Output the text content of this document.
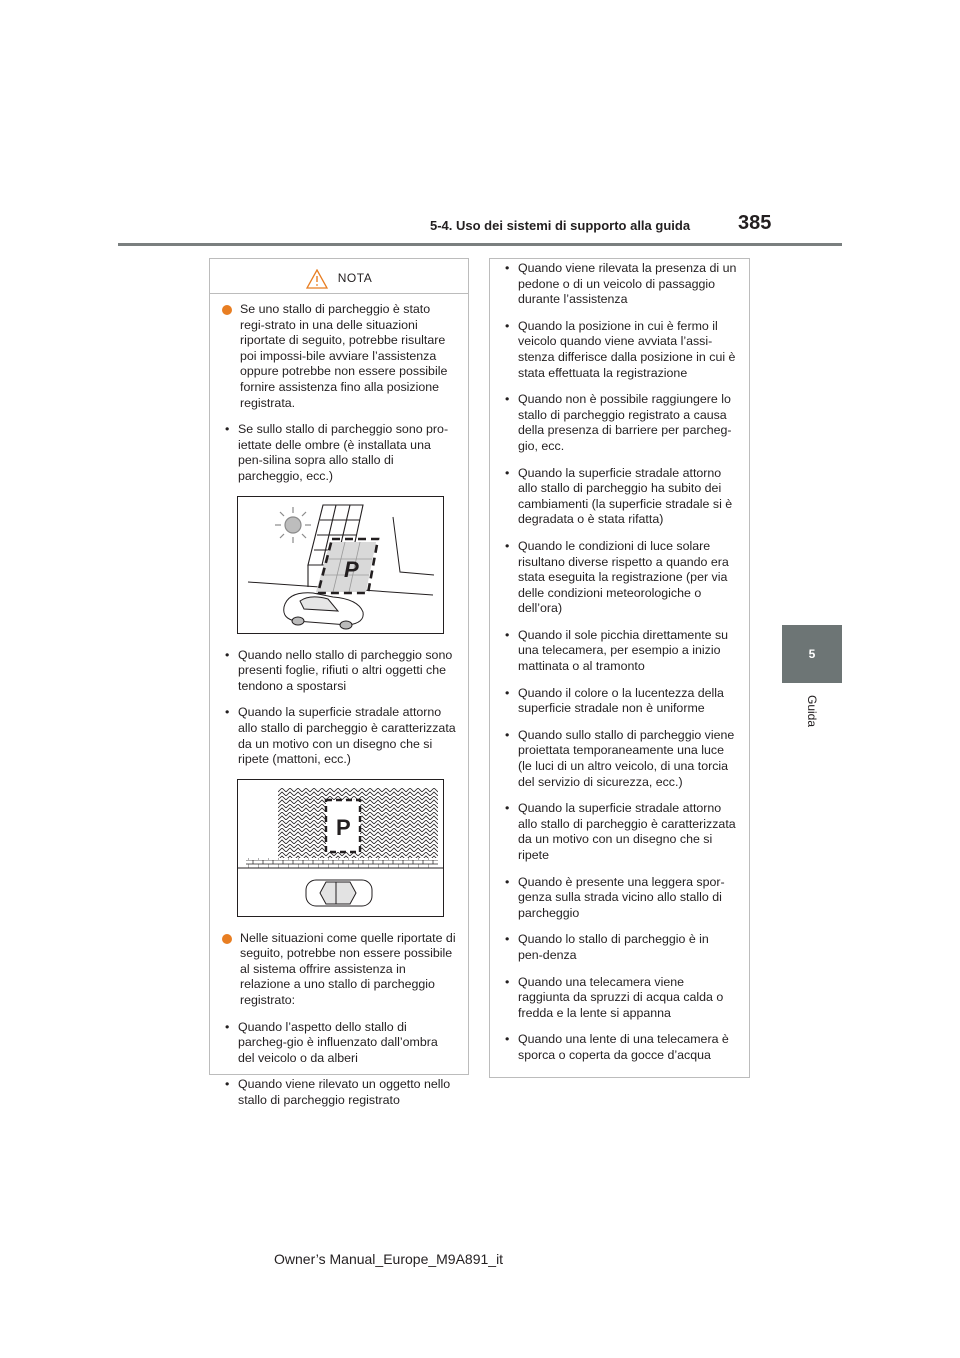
5-4. Uso dei sistemi di supporto alla guida 385
5
Guida
NOTA
Se uno stallo di parcheggio è stato regi-strato in una delle situazioni riportate di seguito, potrebbe risultare poi impossi-bile avviare l’assistenza oppure potrebbe non essere possibile fornire assistenza fino alla posizione registrata.
• Se sullo stallo di parcheggio sono pro-iettate delle ombre (è installata una pen-silina sopra allo stallo di parcheggio, ecc.)
P
• Quando nello stallo di parcheggio sono presenti foglie, rifiuti o altri oggetti che tendono a spostarsi
• Quando la superficie stradale attorno allo stallo di parcheggio è caratterizzata da un motivo con un disegno che si ripete (mattoni, ecc.)
P
Nelle situazioni come quelle riportate di seguito, potrebbe non essere possibile al sistema offrire assistenza in relazione a uno stallo di parcheggio registrato:
• Quando l’aspetto dello stallo di parcheg-gio è influenzato dall’ombra del veicolo o da alberi
• Quando viene rilevato un oggetto nello stallo di parcheggio registrato
• Quando viene rilevata la presenza di un pedone o di un veicolo di passaggio durante l’assistenza
• Quando la posizione in cui è fermo il veicolo quando viene avviata l’assi-stenza differisce dalla posizione in cui è stata effettuata la registrazione
• Quando non è possibile raggiungere lo stallo di parcheggio registrato a causa della presenza di barriere per parcheg-gio, ecc.
• Quando la superficie stradale attorno allo stallo di parcheggio ha subito dei cambiamenti (la superficie stradale si è degradata o è stata rifatta)
• Quando le condizioni di luce solare risultano diverse rispetto a quando era stata eseguita la registrazione (per via delle condizioni meteorologiche o dell’ora)
• Quando il sole picchia direttamente su una telecamera, per esempio a inizio mattinata o al tramonto
• Quando il colore o la lucentezza della superficie stradale non è uniforme
• Quando sullo stallo di parcheggio viene proiettata temporaneamente una luce (le luci di un altro veicolo, di una torcia del servizio di sicurezza, ecc.)
• Quando la superficie stradale attorno allo stallo di parcheggio è caratterizzata da un motivo con un disegno che si ripete
• Quando è presente una leggera spor-genza sulla strada vicino allo stallo di parcheggio
• Quando lo stallo di parcheggio è in pen-denza
• Quando una telecamera viene raggiunta da spruzzi di acqua calda o fredda e la lente si appanna
• Quando una lente di una telecamera è sporca o coperta da gocce d’acqua
Owner’s Manual_Europe_M9A891_it
